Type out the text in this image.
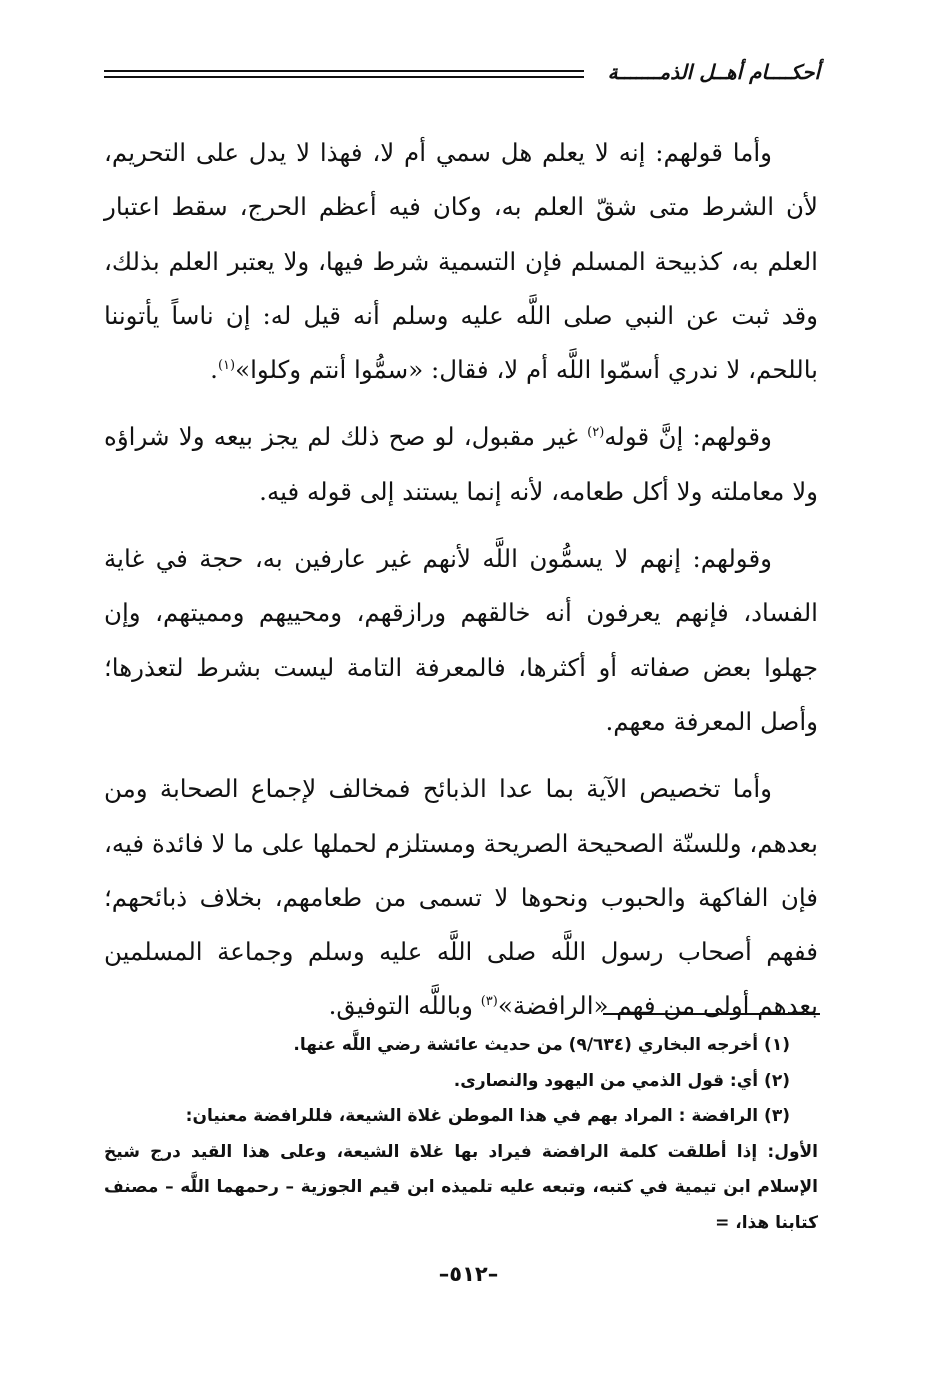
أحكــــام أهــل الذمـــــــة

وأما قولهم: إنه لا يعلم هل سمي أم لا، فهذا لا يدل على التحريم، لأن الشرط متى شقّ العلم به، وكان فيه أعظم الحرج، سقط اعتبار العلم به، كذبيحة المسلم فإن التسمية شرط فيها، ولا يعتبر العلم بذلك، وقد ثبت عن النبي صلى اللَّه عليه وسلم أنه قيل له: إن ناساً يأتوننا باللحم، لا ندري أسمّوا اللَّه أم لا، فقال: «سمُّوا أنتم وكلوا»$^{(١)}$.

وقولهم: إنَّ قوله$^{(٢)}$ غير مقبول، لو صح ذلك لم يجز بيعه ولا شراؤه ولا معاملته ولا أكل طعامه، لأنه إنما يستند إلى قوله فيه.

وقولهم: إنهم لا يسمُّون اللَّه لأنهم غير عارفين به، حجة في غاية الفساد، فإنهم يعرفون أنه خالقهم ورازقهم، ومحييهم ومميتهم، وإن جهلوا بعض صفاته أو أكثرها، فالمعرفة التامة ليست بشرط لتعذرها؛ وأصل المعرفة معهم.

وأما تخصيص الآية بما عدا الذبائح فمخالف لإجماع الصحابة ومن بعدهم، وللسنّة الصحيحة الصريحة ومستلزم لحملها على ما لا فائدة فيه، فإن الفاكهة والحبوب ونحوها لا تسمى من طعامهم، بخلاف ذبائحهم؛ ففهم أصحاب رسول اللَّه صلى اللَّه عليه وسلم وجماعة المسلمين بعدهم أولى من فهم «الرافضة»$^{(٣)}$ وباللَّه التوفيق.

(١) أخرجه البخاري (٩/٦٣٤) من حديث عائشة رضي اللَّه عنها.

(٢) أي: قول الذمي من اليهود والنصارى.

(٣) الرافضة : المراد بهم في هذا الموطن غلاة الشيعة، فللرافضة معنيان:

الأول: إذا أطلقت كلمة الرافضة فيراد بها غلاة الشيعة، وعلى هذا القيد درج شيخ الإسلام ابن تيمية في كتبه، وتبعه عليه تلميذه ابن قيم الجوزية – رحمهما اللَّه – مصنف كتابنا هذا، =

–٥١٢–
